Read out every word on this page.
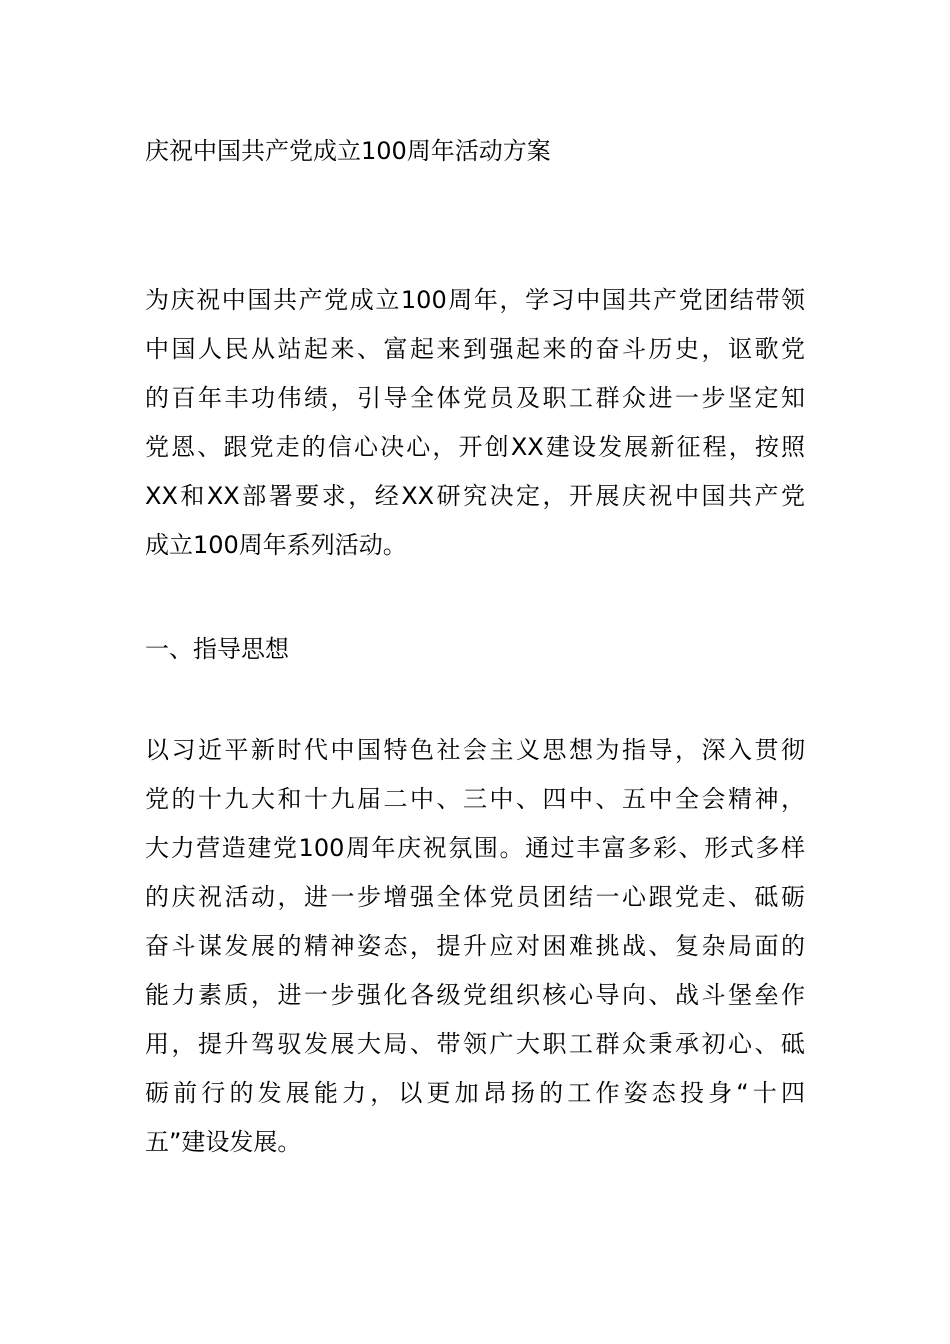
庆祝中国共产党成立100周年活动方案

为庆祝中国共产党成立100周年，学习中国共产党团结带领

中国人民从站起来、富起来到强起来的奋斗历史，讴歌党

的百年丰功伟绩，引导全体党员及职工群众进一步坚定知

党恩、跟党走的信心决心，开创XX建设发展新征程，按照

XX和XX部署要求，经XX研究决定，开展庆祝中国共产党

成立100周年系列活动。

一、指导思想

以习近平新时代中国特色社会主义思想为指导，深入贯彻

党的十九大和十九届二中、三中、四中、五中全会精神，

大力营造建党100周年庆祝氛围。通过丰富多彩、形式多样

的庆祝活动，进一步增强全体党员团结一心跟党走、砥砺

奋斗谋发展的精神姿态，提升应对困难挑战、复杂局面的

能力素质，进一步强化各级党组织核心导向、战斗堡垒作

用，提升驾驭发展大局、带领广大职工群众秉承初心、砥

砺前行的发展能力，以更加昂扬的工作姿态投身“十四

五”建设发展。
